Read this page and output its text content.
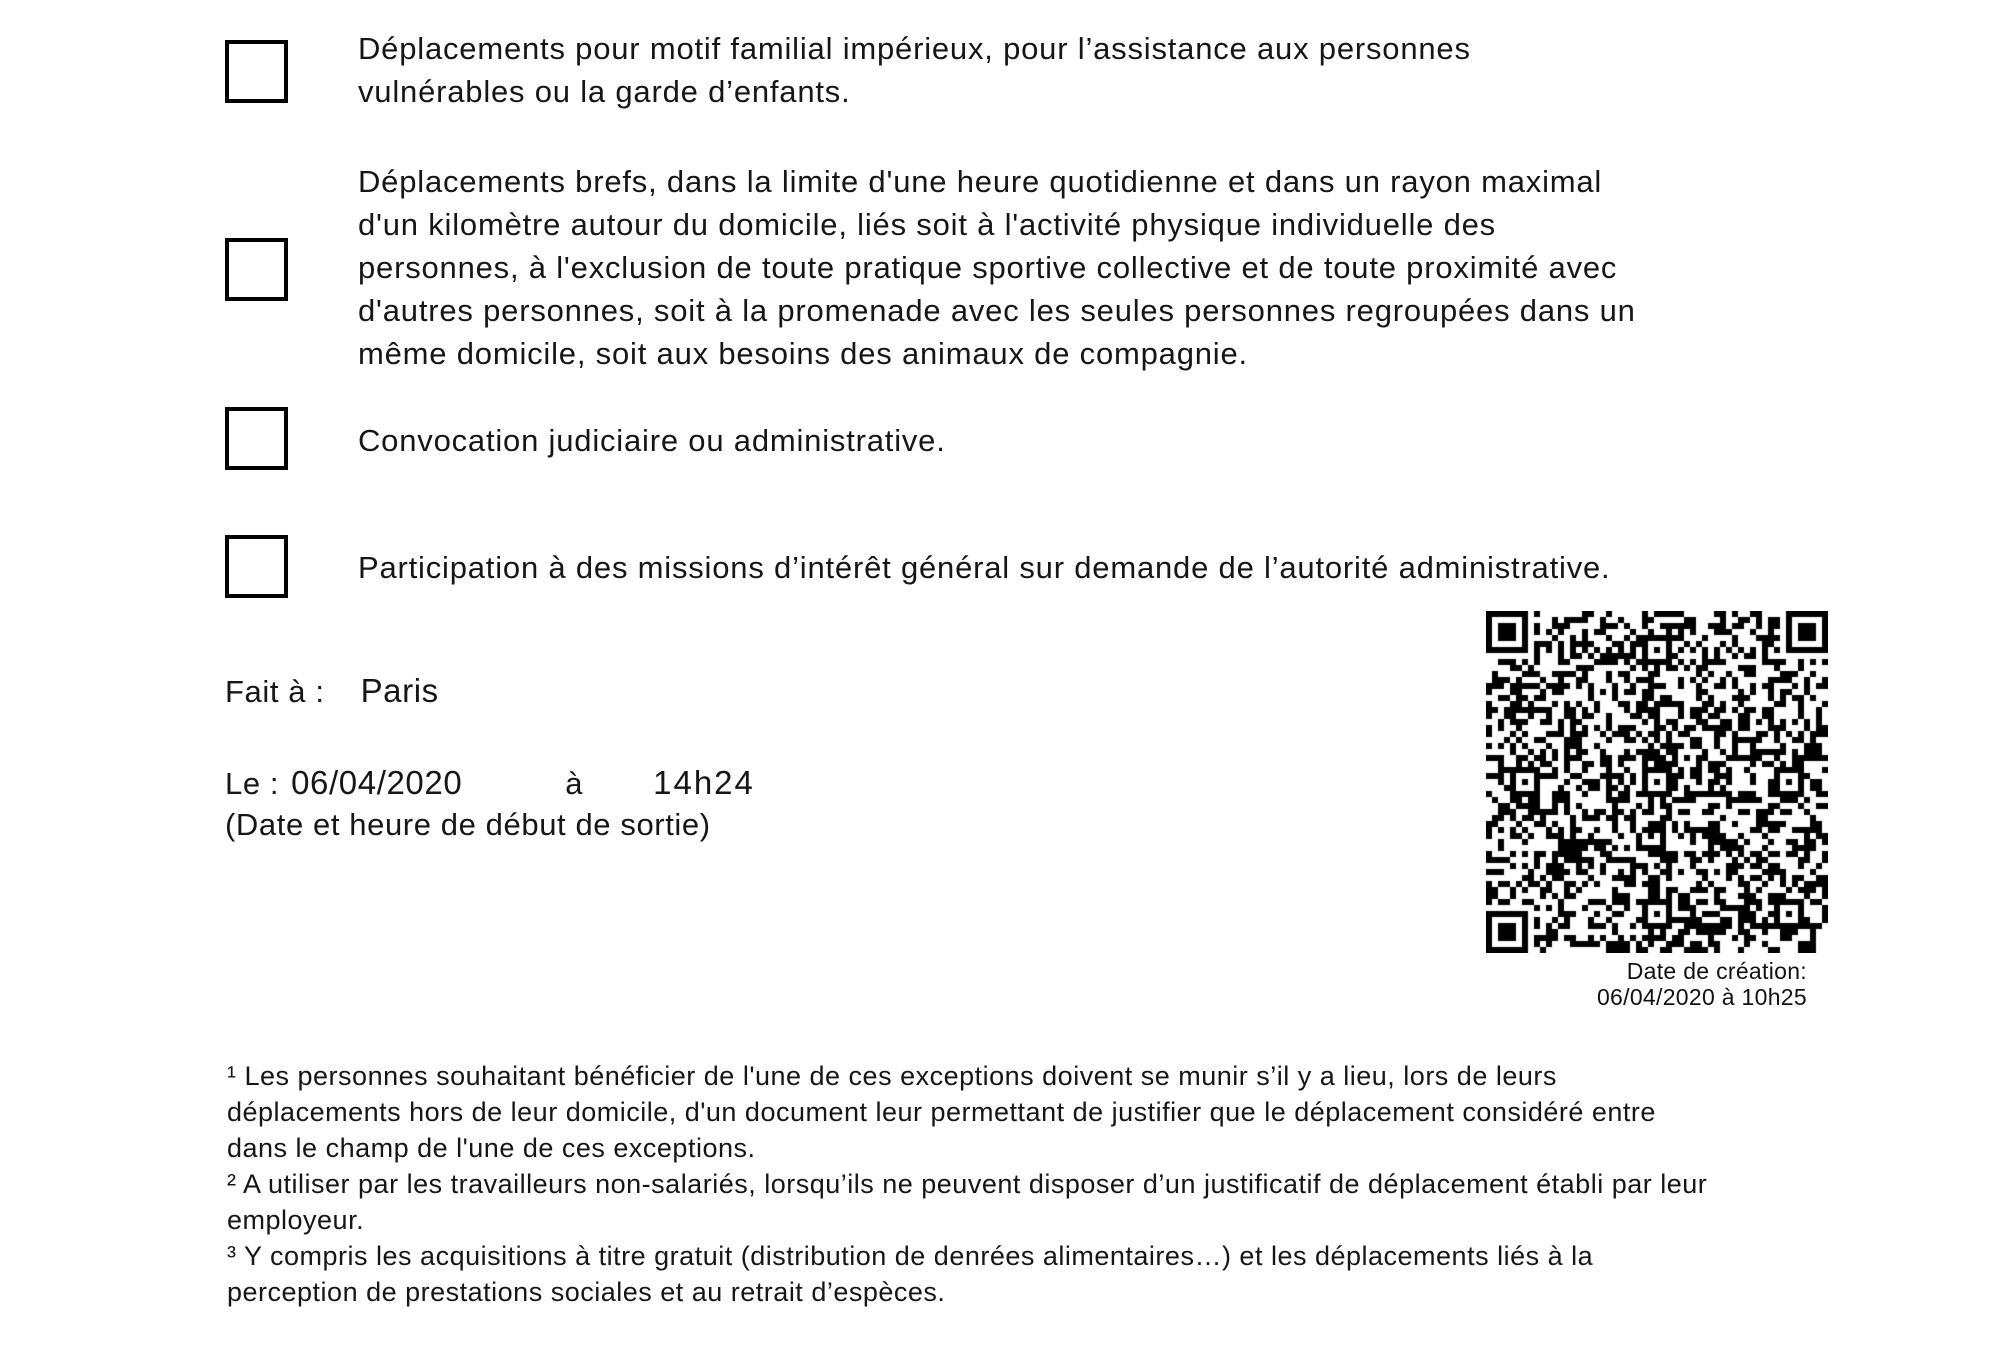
Déplacements pour motif familial impérieux, pour l’assistance aux personnes
vulnérables ou la garde d’enfants.
Déplacements brefs, dans la limite d'une heure quotidienne et dans un rayon maximal
d'un kilomètre autour du domicile, liés soit à l'activité physique individuelle des
personnes, à l'exclusion de toute pratique sportive collective et de toute proximité avec
d'autres personnes, soit à la promenade avec les seules personnes regroupées dans un
même domicile, soit aux besoins des animaux de compagnie.
Convocation judiciaire ou administrative.
Participation à des missions d’intérêt général sur demande de l’autorité administrative.
Fait à : Paris
Le : 06/04/2020	à 14h24
(Date et heure de début de sortie)
Date de création:
06/04/2020 à 10h25
¹ Les personnes souhaitant bénéficier de l'une de ces exceptions doivent se munir s’il y a lieu, lors de leurs
déplacements hors de leur domicile, d'un document leur permettant de justifier que le déplacement considéré entre
dans le champ de l'une de ces exceptions.
² A utiliser par les travailleurs non-salariés, lorsqu’ils ne peuvent disposer d’un justificatif de déplacement établi par leur
employeur.
³ Y compris les acquisitions à titre gratuit (distribution de denrées alimentaires…) et les déplacements liés à la
perception de prestations sociales et au retrait d’espèces.
